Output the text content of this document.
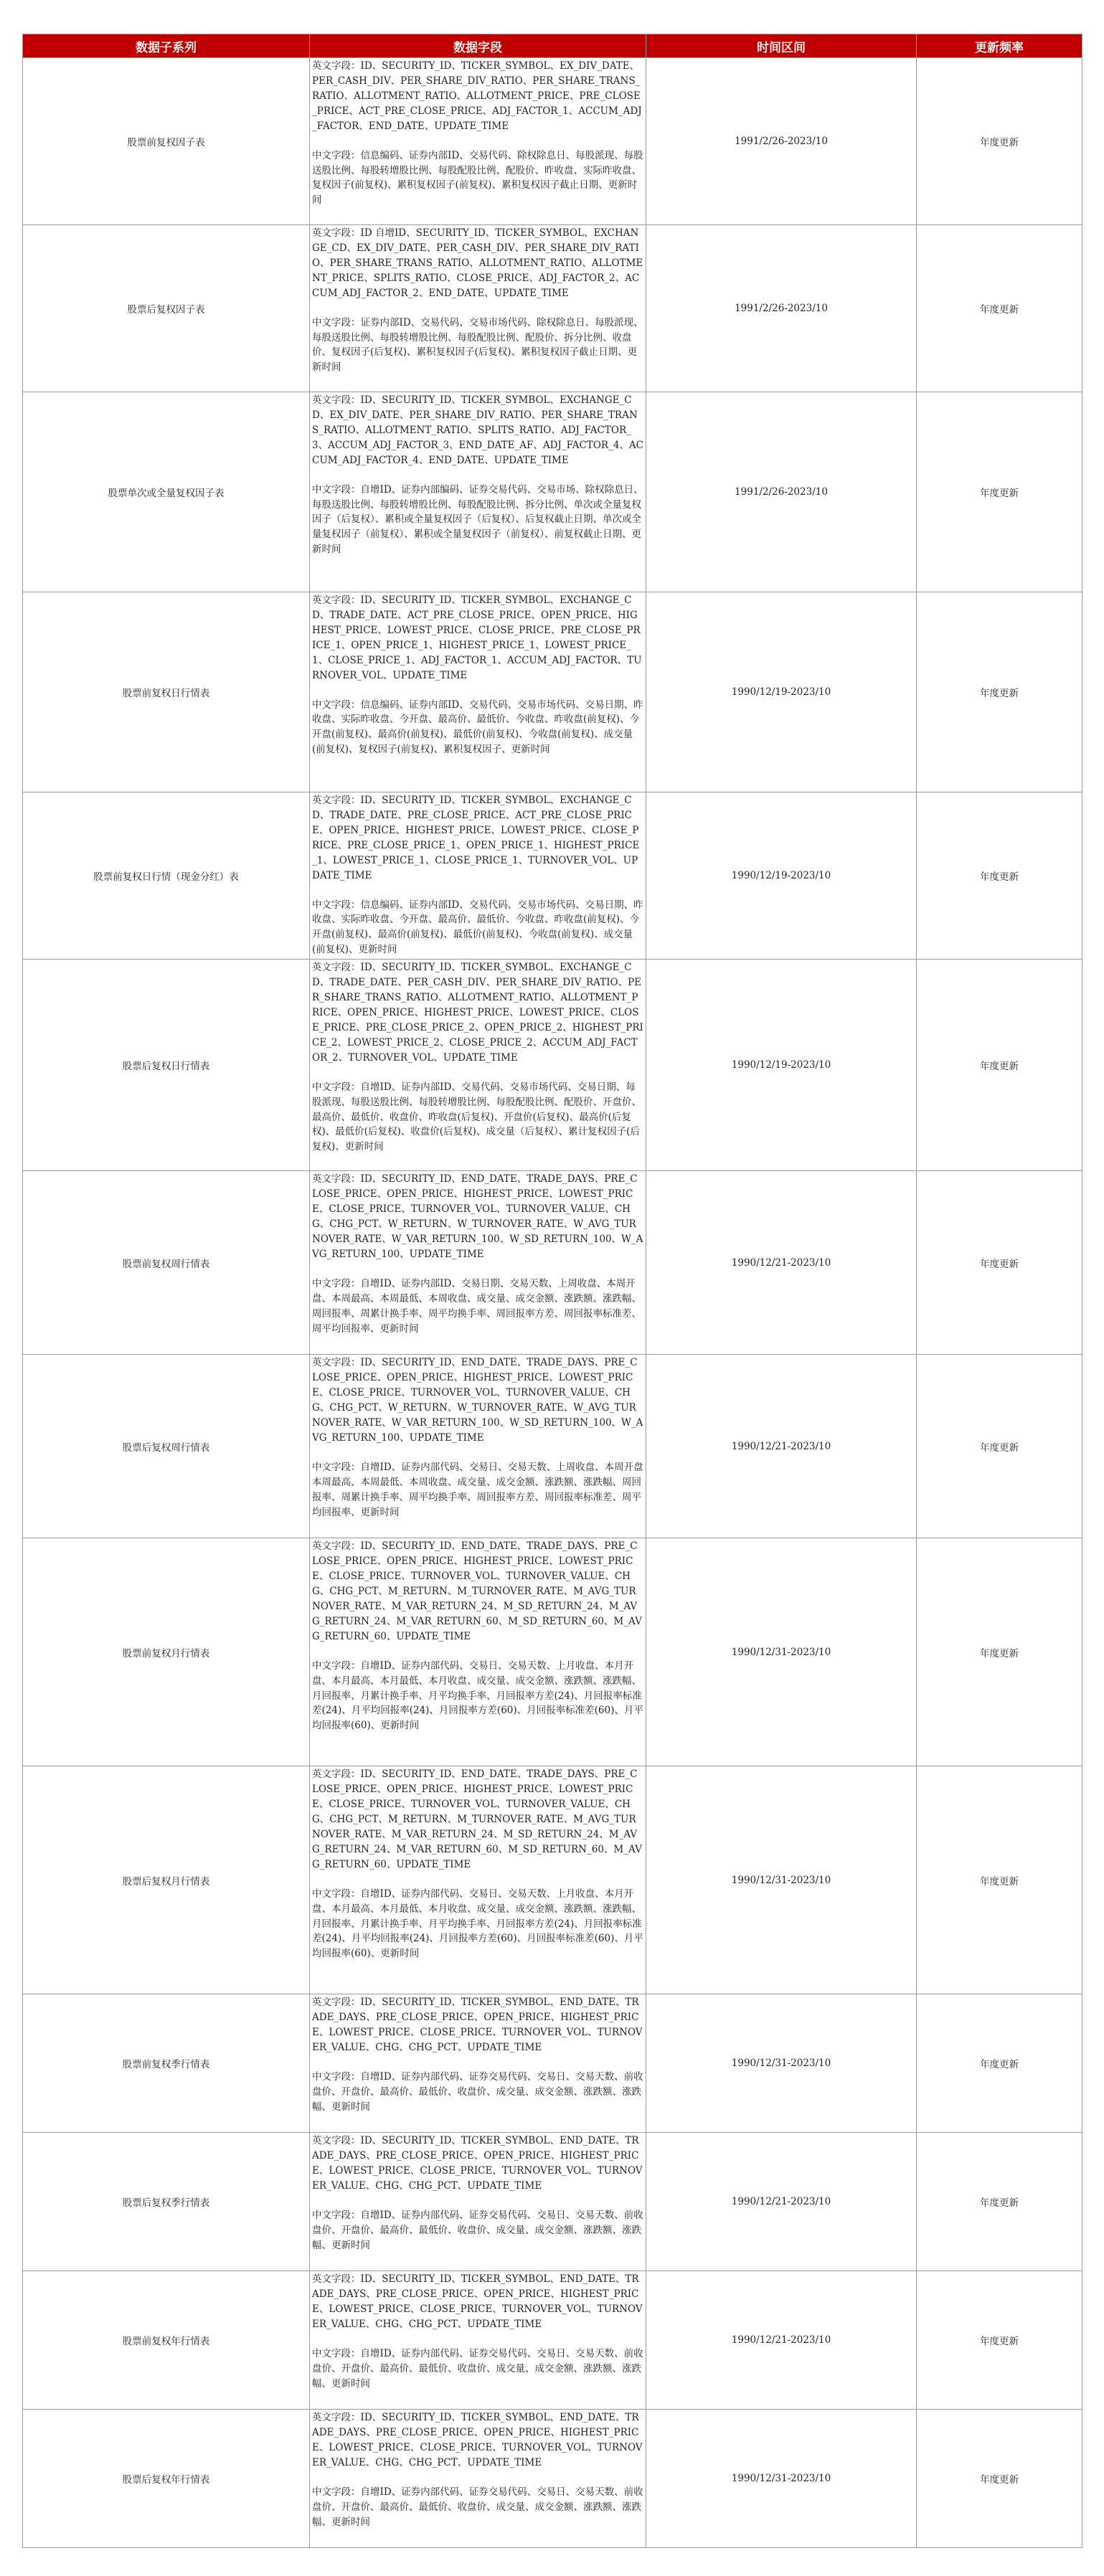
数据子系列	数据字段	时间区间	更新频率
股票前复权因子表	英文字段：ID、SECURITY_ID、TICKER_SYMBOL、EX_DIV_DATE、PER_CASH_DIV、PER_SHARE_DIV_RATIO、PER_SHARE_TRANS_RATIO、ALLOTMENT_RATIO、ALLOTMENT_PRICE、PRE_CLOSE_PRICE、ACT_PRE_CLOSE_PRICE、ADJ_FACTOR_1、ACCUM_ADJ_FACTOR、END_DATE、UPDATE_TIME
中文字段：信息编码、证券内部ID、交易代码、除权除息日、每股派现、每股送股比例、每股转增股比例、每股配股比例、配股价、昨收盘、实际昨收盘、复权因子(前复权)、累积复权因子(前复权)、累积复权因子截止日期、更新时间	1991/2/26-2023/10	年度更新
股票后复权因子表	英文字段：ID 自增ID、SECURITY_ID、TICKER_SYMBOL、EXCHANGE_CD、EX_DIV_DATE、PER_CASH_DIV、PER_SHARE_DIV_RATIO、PER_SHARE_TRANS_RATIO、ALLOTMENT_RATIO、ALLOTMENT_PRICE、SPLITS_RATIO、CLOSE_PRICE、ADJ_FACTOR_2、ACCUM_ADJ_FACTOR_2、END_DATE、UPDATE_TIME
中文字段：证券内部ID、交易代码、交易市场代码、除权除息日、每股派现、每股送股比例、每股转增股比例、每股配股比例、配股价、拆分比例、收盘价、复权因子(后复权)、累积复权因子(后复权)、累积复权因子截止日期、更新时间	1991/2/26-2023/10	年度更新
股票单次或全量复权因子表	英文字段：ID、SECURITY_ID、TICKER_SYMBOL、EXCHANGE_CD、EX_DIV_DATE、PER_SHARE_DIV_RATIO、PER_SHARE_TRANS_RATIO、ALLOTMENT_RATIO、SPLITS_RATIO、ADJ_FACTOR_3、ACCUM_ADJ_FACTOR_3、END_DATE_AF、ADJ_FACTOR_4、ACCUM_ADJ_FACTOR_4、END_DATE、UPDATE_TIME
中文字段：自增ID、证券内部编码、证券交易代码、交易市场、除权除息日、每股送股比例、每股转增股比例、每股配股比例、拆分比例、单次或全量复权因子（后复权）、累积或全量复权因子（后复权）、后复权截止日期、单次或全量复权因子（前复权）、累积或全量复权因子（前复权）、前复权截止日期、更新时间	1991/2/26-2023/10	年度更新
股票前复权日行情表	英文字段：ID、SECURITY_ID、TICKER_SYMBOL、EXCHANGE_CD、TRADE_DATE、ACT_PRE_CLOSE_PRICE、OPEN_PRICE、HIGHEST_PRICE、LOWEST_PRICE、CLOSE_PRICE、PRE_CLOSE_PRICE_1、OPEN_PRICE_1、HIGHEST_PRICE_1、LOWEST_PRICE_1、CLOSE_PRICE_1、ADJ_FACTOR_1、ACCUM_ADJ_FACTOR、TURNOVER_VOL、UPDATE_TIME
中文字段：信息编码、证券内部ID、交易代码、交易市场代码、交易日期、昨收盘、实际昨收盘、今开盘、最高价、最低价、今收盘、昨收盘(前复权)、今开盘(前复权)、最高价(前复权)、最低价(前复权)、今收盘(前复权)、成交量(前复权)、复权因子(前复权)、累积复权因子、更新时间	1990/12/19-2023/10	年度更新
股票前复权日行情（现金分红）表	英文字段：ID、SECURITY_ID、TICKER_SYMBOL、EXCHANGE_CD、TRADE_DATE、PRE_CLOSE_PRICE、ACT_PRE_CLOSE_PRICE、OPEN_PRICE、HIGHEST_PRICE、LOWEST_PRICE、CLOSE_PRICE、PRE_CLOSE_PRICE_1、OPEN_PRICE_1、HIGHEST_PRICE_1、LOWEST_PRICE_1、CLOSE_PRICE_1、TURNOVER_VOL、UPDATE_TIME
中文字段：信息编码、证券内部ID、交易代码、交易市场代码、交易日期、昨收盘、实际昨收盘、今开盘、最高价、最低价、今收盘、昨收盘(前复权)、今开盘(前复权)、最高价(前复权)、最低价(前复权)、今收盘(前复权)、成交量(前复权)、更新时间	1990/12/19-2023/10	年度更新
股票后复权日行情表	英文字段：ID、SECURITY_ID、TICKER_SYMBOL、EXCHANGE_CD、TRADE_DATE、PER_CASH_DIV、PER_SHARE_DIV_RATIO、PER_SHARE_TRANS_RATIO、ALLOTMENT_RATIO、ALLOTMENT_PRICE、OPEN_PRICE、HIGHEST_PRICE、LOWEST_PRICE、CLOSE_PRICE、PRE_CLOSE_PRICE_2、OPEN_PRICE_2、HIGHEST_PRICE_2、LOWEST_PRICE_2、CLOSE_PRICE_2、ACCUM_ADJ_FACTOR_2、TURNOVER_VOL、UPDATE_TIME
中文字段：自增ID、证券内部ID、交易代码、交易市场代码、交易日期、每股派现、每股送股比例、每股转增股比例、每股配股比例、配股价、开盘价、最高价、最低价、收盘价、昨收盘(后复权)、开盘价(后复权)、最高价(后复权)、最低价(后复权)、收盘价(后复权)、成交量（后复权）、累计复权因子(后复权)、更新时间	1990/12/19-2023/10	年度更新
股票前复权周行情表	英文字段：ID、SECURITY_ID、END_DATE、TRADE_DAYS、PRE_CLOSE_PRICE、OPEN_PRICE、HIGHEST_PRICE、LOWEST_PRICE、CLOSE_PRICE、TURNOVER_VOL、TURNOVER_VALUE、CHG、CHG_PCT、W_RETURN、W_TURNOVER_RATE、W_AVG_TURNOVER_RATE、W_VAR_RETURN_100、W_SD_RETURN_100、W_AVG_RETURN_100、UPDATE_TIME
中文字段：自增ID、证券内部ID、交易日期、交易天数、上周收盘、本周开盘、本周最高、本周最低、本周收盘、成交量、成交金额、涨跌额、涨跌幅、周回报率、周累计换手率、周平均换手率、周回报率方差、周回报率标准差、周平均回报率、更新时间	1990/12/21-2023/10	年度更新
股票后复权周行情表	英文字段：ID、SECURITY_ID、END_DATE、TRADE_DAYS、PRE_CLOSE_PRICE、OPEN_PRICE、HIGHEST_PRICE、LOWEST_PRICE、CLOSE_PRICE、TURNOVER_VOL、TURNOVER_VALUE、CHG、CHG_PCT、W_RETURN、W_TURNOVER_RATE、W_AVG_TURNOVER_RATE、W_VAR_RETURN_100、W_SD_RETURN_100、W_AVG_RETURN_100、UPDATE_TIME
中文字段：自增ID、证券内部代码、交易日、交易天数、上周收盘、本周开盘本周最高、本周最低、本周收盘、成交量、成交金额、涨跌额、涨跌幅、周回报率、周累计换手率、周平均换手率、周回报率方差、周回报率标准差、周平均回报率、更新时间	1990/12/21-2023/10	年度更新
股票前复权月行情表	英文字段：ID、SECURITY_ID、END_DATE、TRADE_DAYS、PRE_CLOSE_PRICE、OPEN_PRICE、HIGHEST_PRICE、LOWEST_PRICE、CLOSE_PRICE、TURNOVER_VOL、TURNOVER_VALUE、CHG、CHG_PCT、M_RETURN、M_TURNOVER_RATE、M_AVG_TURNOVER_RATE、M_VAR_RETURN_24、M_SD_RETURN_24、M_AVG_RETURN_24、M_VAR_RETURN_60、M_SD_RETURN_60、M_AVG_RETURN_60、UPDATE_TIME
中文字段：自增ID、证券内部代码、交易日、交易天数、上月收盘、本月开盘、本月最高、本月最低、本月收盘、成交量、成交金额、涨跌额、涨跌幅、月回报率、月累计换手率、月平均换手率、月回报率方差(24)、月回报率标准差(24)、月平均回报率(24)、月回报率方差(60)、月回报率标准差(60)、月平均回报率(60)、更新时间	1990/12/31-2023/10	年度更新
股票后复权月行情表	英文字段：ID、SECURITY_ID、END_DATE、TRADE_DAYS、PRE_CLOSE_PRICE、OPEN_PRICE、HIGHEST_PRICE、LOWEST_PRICE、CLOSE_PRICE、TURNOVER_VOL、TURNOVER_VALUE、CHG、CHG_PCT、M_RETURN、M_TURNOVER_RATE、M_AVG_TURNOVER_RATE、M_VAR_RETURN_24、M_SD_RETURN_24、M_AVG_RETURN_24、M_VAR_RETURN_60、M_SD_RETURN_60、M_AVG_RETURN_60、UPDATE_TIME
中文字段：自增ID、证券内部代码、交易日、交易天数、上月收盘、本月开盘、本月最高、本月最低、本月收盘、成交量、成交金额、涨跌额、涨跌幅、月回报率、月累计换手率、月平均换手率、月回报率方差(24)、月回报率标准差(24)、月平均回报率(24)、月回报率方差(60)、月回报率标准差(60)、月平均回报率(60)、更新时间	1990/12/31-2023/10	年度更新
股票前复权季行情表	英文字段：ID、SECURITY_ID、TICKER_SYMBOL、END_DATE、TRADE_DAYS、PRE_CLOSE_PRICE、OPEN_PRICE、HIGHEST_PRICE、LOWEST_PRICE、CLOSE_PRICE、TURNOVER_VOL、TURNOVER_VALUE、CHG、CHG_PCT、UPDATE_TIME
中文字段：自增ID、证券内部代码、证券交易代码、交易日、交易天数、前收盘价、开盘价、最高价、最低价、收盘价、成交量、成交金额、涨跌额、涨跌幅、更新时间	1990/12/31-2023/10	年度更新
股票后复权季行情表	英文字段：ID、SECURITY_ID、TICKER_SYMBOL、END_DATE、TRADE_DAYS、PRE_CLOSE_PRICE、OPEN_PRICE、HIGHEST_PRICE、LOWEST_PRICE、CLOSE_PRICE、TURNOVER_VOL、TURNOVER_VALUE、CHG、CHG_PCT、UPDATE_TIME
中文字段：自增ID、证券内部代码、证券交易代码、交易日、交易天数、前收盘价、开盘价、最高价、最低价、收盘价、成交量、成交金额、涨跌额、涨跌幅、更新时间	1990/12/21-2023/10	年度更新
股票前复权年行情表	英文字段：ID、SECURITY_ID、TICKER_SYMBOL、END_DATE、TRADE_DAYS、PRE_CLOSE_PRICE、OPEN_PRICE、HIGHEST_PRICE、LOWEST_PRICE、CLOSE_PRICE、TURNOVER_VOL、TURNOVER_VALUE、CHG、CHG_PCT、UPDATE_TIME
中文字段：自增ID、证券内部代码、证券交易代码、交易日、交易天数、前收盘价、开盘价、最高价、最低价、收盘价、成交量、成交金额、涨跌额、涨跌幅、更新时间	1990/12/21-2023/10	年度更新
股票后复权年行情表	英文字段：ID、SECURITY_ID、TICKER_SYMBOL、END_DATE、TRADE_DAYS、PRE_CLOSE_PRICE、OPEN_PRICE、HIGHEST_PRICE、LOWEST_PRICE、CLOSE_PRICE、TURNOVER_VOL、TURNOVER_VALUE、CHG、CHG_PCT、UPDATE_TIME
中文字段：自增ID、证券内部代码、证券交易代码、交易日、交易天数、前收盘价、开盘价、最高价、最低价、收盘价、成交量、成交金额、涨跌额、涨跌幅、更新时间	1990/12/31-2023/10	年度更新
